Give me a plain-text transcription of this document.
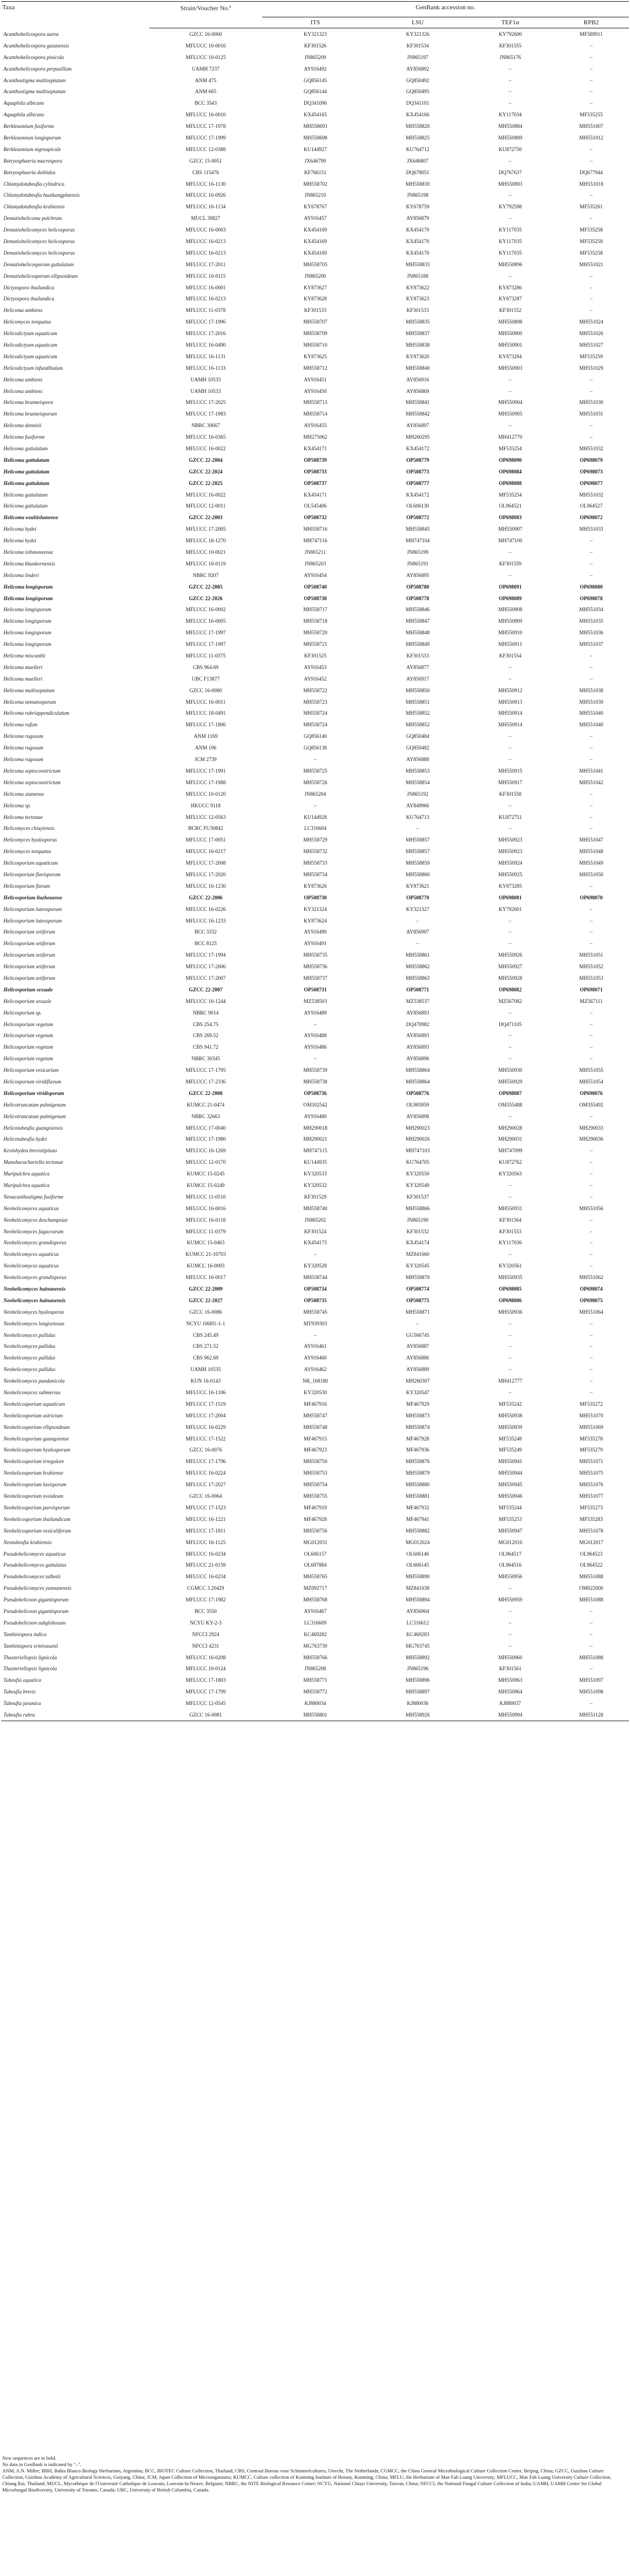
Taxa	Strain/Voucher No.$^a$	GenBank accession no.			
		ITS	LSU	TEF1α	RPB2
Acanthohelicospora aurea	GZCC 16-0060	KY321323	KY321326	KY792600	MF589911
Acanthohelicospora guianensis	MFLUCC 10-0016	KF301526	KF301534	KF301555	–
Acanthohelicospora pinicola	MFLUCC 10-0125	JN865209	JN865197	JN865176	–
Acanthohelicospora perpusillum	UAMH 7237	AY916492	AY856892	–	–
Acanthostigma multiseptatum	ANM 475	GQ856145	GQ850492	–	–
Acanthostigma multiseptatum	ANM 665	GQ856144	GQ850495	–	–
Aquaphila albicans	BCC 3543	DQ341096	DQ341101	–	–
Aquaphila albicans	MFLUCC 16-0010	KX454165	KX454166	KY117034	MF535255
Berkleasmium fusiforme	MFLUCC 17-1978	MH558693	MH558820	MH550884	MH551007
Berkleasmium longisporum	MFLUCC 17-1999	MH558698	MH558825	MH550889	MH551012
Berkleasmium nigroapicale	MFLUCC 12-0388	KU144927	KU764712	KU872750	–
Botryosphaeria macrospora	GZCC 15-0051	JX646799	JX646807	–	–
Botryosphaeria dothidea	CBS 115476	KF766151	DQ678051	DQ767637	DQ677944
Chlamydotubeufia cylindrica	MFLUCC 16-1130	MH558702	MH558830	MH550893	MH551018
Chlamydotubeufia huaikangplaensis	MFLUCC 10-0926	JN865210	JN865198	–	–
Chlamydotubeufia krabiensis	MFLUCC 16-1134	KY678767	KY678759	KY792598	MF535261
Dematiohelicoma pulchrum	MUCL 39827	AY916457	AY856879	–	–
Dematiohelicomyces helicosporus	MFLUCC 16-0003	KX454169	KX454170	KY117035	MF535258
Dematiohelicomyces helicosporus	MFLUCC 16-0213	KX454169	KX454170	KY117035	MF535258
Dematiohelicomyces helicosporus	MFLUCC 16-0213	KX454169	KX454170	KY117035	MF535258
Dematiohelicosporum guttulatum	MFLUCC 17-2011	MH558705	MH558833	MH550896	MH551021
Dematiohelicosporum ellipsoideum	MFLUCC 10-0115	JN865200	JN865188	–	–
Dictyospora thailandica	MFLUCC 16-0001	KY873627	KY873622	KY873286	–
Dictyospora thailandica	MFLUCC 16-0213	KY873628	KY873623	KY873287	–
Helicoma ambiens	MFLUCC 11-0378	KF301533	KF301533	KF301552	–
Helicomyces torquatus	MFLUCC 17-1996	MH558707	MH558835	MH550898	MH551024
Helicodictyum aquaticum	MFLUCC 17-2016	MH558709	MH558837	MH550900	MH551026
Helicodictyum aquaticum	MFLUCC 16-0490	MH558710	MH558838	MH550901	MH551027
Helicodictyum aquaticum	MFLUCC 16-1131	KY873625	KY873620	KY873284	MF535259
Helicodictyum infundibulum	MFLUCC 16-1133	MH558712	MH558840	MH550903	MH551029
Helicoma ambiens	UAMH 10533	AY916451	AY856916	–	–
Helicoma ambiens	UAMH 10533	AY916450	AY856869	–	–
Helicoma brunneispora	MFLUCC 17-2025	MH558713	MH558841	MH550904	MH551030
Helicoma brunneisporum	MFLUCC 17-1983	MH558714	MH558842	MH550905	MH551031
Helicoma dennisii	NBRC 30667	AY916455	AY856897	–	–
Helicoma fusiforme	MFLUCC 16-0365	MH275062	MH260295	MH412770	–
Helicoma guttulatum	MFLUCC 16-0022	KX454171	KX454172	MF535254	MH551032
Helicoma guttulatum	GZCC 22-2004	OP508739	OP508779	OP698090	OP698079
Helicoma guttulatum	GZCC 22-2024	OP508733	OP508773	OP698084	OP698073
Helicoma guttulatum	GZCC 22-2025	OP508737	OP508777	OP698088	OP698077
Helicoma guttulatum	MFLUCC 16-0022	KX454171	KX454172	MF535254	MH551032
Helicoma guttulatum	MFLUCC 12-0011	OL545406	OL606130	OL964521	OL964527
Helicoma wuzhishanense	GZCC 22-2003	OP508732	OP508772	OP698083	OP698072
Helicoma hydei	MFLUCC 17-2005	MH558716	MH558845	MH550907	MH551033
Helicoma hydei	MFLUCC 18-1270	MH747116	MH747104	MH747100	–
Helicoma isthmoneense	MFLUCC 10-0021	JN865211	JN865199	–	–
Helicoma khunkornensis	MFLUCC 10-0119	JN865203	JN865191	KF301559	–
Helicoma linderi	NBRC 9207	AY916454	AY856895	–	–
Helicoma longisporum	GZCC 22-2005	OP508740	OP508780	OP698091	OP698080
Helicoma longisporum	GZCC 22-2026	OP508738	OP508778	OP698089	OP698078
Helicoma longisporum	MFLUCC 16-0002	MH558717	MH558846	MH550908	MH551034
Helicoma longisporum	MFLUCC 16-0005	MH558718	MH558847	MH550909	MH551035
Helicoma longisporum	MFLUCC 17-1997	MH558720	MH558848	MH550910	MH551036
Helicoma longisporum	MFLUCC 17-1997	MH558721	MH558849	MH550911	MH551037
Helicoma miscanthi	MFLUCC 11-0375	KF301525	KF301533	KF301554	–
Helicoma muelleri	CBS 964.69	AY916453	AY856877	–	–
Helicoma muelleri	UBC F13877	AY916452	AY856917	–	–
Helicoma multiseptatum	GZCC 16-0080	MH558722	MH558850	MH550912	MH551038
Helicoma nematosporum	MFLUCC 16-0011	MH558723	MH558851	MH550913	MH551039
Helicoma rubriappendiculatum	MFLUCC 18-0491	MH558724	MH558852	MH550914	MH551040
Helicoma rufum	MFLUCC 17-1806	MH558724	MH558852	MH550914	MH551040
Helicoma rugosum	ANM 1169	GQ856140	GQ850484	–	–
Helicoma rugosum	ANM 196	GQ856138	GQ850482	–	–
Helicoma rugosum	JCM 2739	–	AY856888	–	–
Helicoma septoconstrictum	MFLUCC 17-1991	MH558725	MH558853	MH550915	MH551041
Helicoma septoconstrictum	MFLUCC 17-1988	MH558726	MH558854	MH550917	MH551042
Helicoma siamense	MFLUCC 10-0120	JN865204	JN865192	KF301558	–
Helicoma sp.	HKUCC 9118	–	AY849966	–	–
Helicoma tectonae	MFLUCC 12-0563	KU144928	KU764713	KU872751	–
Helicomyces chiayiensis	BCRC FU30842	LC316604	–	–	–
Helicomyces hyalosporus	MFLUCC 17-0051	MH558729	MH558857	MH550923	MH551047
Helicomyces torquatus	MFLUCC 16-0217	MH558732	MH558857	MH550923	MH551048
Helicosporium aquaticum	MFLUCC 17-2008	MH558733	MH558859	MH550924	MH551049
Helicosporium flavisporum	MFLUCC 17-2020	MH558734	MH558860	MH550925	MH551050
Helicosporium flavum	MFLUCC 16-1230	KY873626	KY873621	KY873285	–
Helicosporium liuzhouense	GZCC 22-2006	OP508730	OP508770	OP698081	OP698070
Helicosporium luteosporum	MFLUCC 16-0226	KY321324	KY321327	KY792601	–
Helicosporium luteosporum	MFLUCC 16-1233	KY873624	–	–	–
Helicosporium setiferum	BCC 3332	AY916490	AY856907	–	–
Helicosporium setiferum	BCC 8125	AY916491	–	–	–
Helicosporium setiferum	MFLUCC 17-1994	MH558735	MH558861	MH550926	MH551051
Helicosporium setiferum	MFLUCC 17-2006	MH558736	MH558862	MH550927	MH551052
Helicosporium setiferum	MFLUCC 17-2007	MH558737	MH558863	MH550928	MH551053
Helicosporium sexuale	GZCC 22-2007	OP508731	OP508771	OP698082	OP698071
Helicosporium sexuale	MFLUCC 16-1244	MZ538503	MZ538537	MZ567082	MZ567111
Helicosporium sp.	NBRC 9014	AY916489	AY856893	–	–
Helicosporium vegetum	CBS 254.75	–	DQ470982	DQ471105	–
Helicosporium vegetum	CBS 269.52	AY916488	AY856893	–	–
Helicosporium vegetum	CBS 941.72	AY916486	AY856893	–	–
Helicosporium vegetum	NBRC 30345	–	AY856896	–	–
Helicosporium vesicarium	MFLUCC 17-1795	MH558739	MH558864	MH550930	MH551055
Helicosporium viridiflavum	MFLUCC 17-2336	MH558738	MH558864	MH550929	MH551054
Helicosporium viridisporum	GZCC 22-2008	OP508736	OP508776	OP698087	OP698076
Helicotruncatum palmigenum	KUMCC 21-0474	OM102542	OL985959	OM355488	OM355492
Helicotruncatum palmigenum	NBRC 32663	AY916480	AY856898	–	–
Helicotubeufia guangxiensis	MFLUCC 17-0040	MH290018	MH290023	MH290028	MH290033
Helicotubeufia hydei	MFLUCC 17-1980	MH290021	MH290026	MH290031	MH290036
Kevinhydea brevistipitata	MFLUCC 16-1269	MH747115	MH747103	MH747099	–
Manoharachariella tectonae	MFLUCC 12-0170	KU144935	KU764705	KU872762	–
Muripulchra aquatica	KUMCC 15-0245	KY320533	KY320550	KY320563	–
Muripulchra aquatica	KUMCC 15-0249	KY320532	KY320549	–	–
Neoacanthostigma fusiforme	MFLUCC 11-0510	KF301529	KF301537	–	–
Neohelicomyces aquaticus	MFLUCC 16-0016	MH558740	MH558866	MH550931	MH551056
Neohelicomyces deschampsiae	MFLUCC 16-0118	JN865202	JN865190	KF301564	–
Neohelicomyces fagacearum	MFLUCC 11-0379	KF301524	KF301532	KF301553	–
Neohelicomyces grandisporus	KUMCC 15-0463	KX454173	KX454174	KY117036	–
Neohelicomyces aquaticus	KUMCC 21-10703	–	MZ841660	–	–
Neohelicomyces aquaticus	KUMCC 16-0093	KY320528	KY320545	KY320561	–
Neohelicomyces grandisporus	MFLUCC 16-0017	MH558744	MH558870	MH550935	MH551062
Neohelicomyces hainanensis	GZCC 22-2009	OP508734	OP508774	OP698085	OP698074
Neohelicomyces hainanensis	GZCC 22-2027	OP508735	OP508775	OP698086	OP698075
Neohelicomyces hyalosporus	GZCC 16-0086	MH558745	MH558871	MH550936	MH551064
Neohelicomyces longisetosus	NCYU 106H1-1-1	MT939303	–	–	–
Neohelicomyces pallidus	CBS 245.49	–	GU566745	–	–
Neohelicomyces pallidus	CBS 271.52	AY916461	AY856887	–	–
Neohelicomyces pallidus	CBS 962.69	AY916460	AY856886	–	–
Neohelicomyces pallidus	UAMH 10535	AY916462	AY856889	–	–
Neohelicomyces pandanicola	KUN 16-0143	NR_168180	MH260307	MH412777	–
Neohelicomyces submersus	MFLUCC 16-1106	KY320530	KY320547	–	–
Neohelicosporium aquaticum	MFLUCC 17-1519	MF467916	MF467929	MF535242	MF535272
Neohelicosporium astrictum	MFLUCC 17-2004	MH558747	MH558873	MH550938	MH551070
Neohelicosporium ellipsoideum	MFLUCC 16-0229	MH558748	MH558874	MH550939	MH551069
Neohelicosporium guangxiense	MFLUCC 17-1522	MF467915	MF467928	MF535248	MF535278
Neohelicosporium hyalosporum	GZCC 16-0076	MF467923	MF467936	MF535249	MF535279
Neohelicosporium irregulare	MFLUCC 17-1796	MH558750	MH558876	MH550941	MH551071
Neohelicosporium krabiense	MFLUCC 16-0224	MH558753	MH558879	MH550944	MH551075
Neohelicosporium laxisporum	MFLUCC 17-2027	MH558754	MH558880	MH550945	MH551076
Neohelicosporium ovoideum	GZCC 16-0064	MH558755	MH558881	MH550946	MH551077
Neohelicosporium parvisporum	MFLUCC 17-1523	MF467919	MF467932	MF535244	MF535273
Neohelicosporium thailandicum	MFLUCC 16-1221	MF467928	MF467941	MF535253	MF535283
Neohelicosporium vesiculiferum	MFLUCC 17-1811	MH558756	MH558882	MH550947	MH551078
Neotubeufia krabiensis	MFLUCC 16-1125	MG012031	MG012024	MG012010	MG012017
Pseudohelicomyces aquaticus	MFLUCC 16-0234	OL606157	OL606146	OL964517	OL964523
Pseudohelicomyces guttulatus	MFLUCC 21-0159	OL697884	OL606145	OL964516	OL964522
Pseudohelicomyces talbotii	MFLUCC 16-0234	MH558765	MH558890	MH550956	MH551088
Pseudohelicomyces yunnanensis	CGMCC 3.20429	MZ092717	MZ841638	–	OM022000
Pseudohelicoon gigantisporum	MFLUCC 17-1982	MH558768	MH558894	MH550959	MH551088
Pseudohelicoon gigantisporum	BCC 3550	AY916467	AY856904	–	–
Pseudohelicoon subglobosum	NCYU KY-2-3	LC316609	LC316612	–	–
Tamhinispora indica	NFCCI 2924	KC469282	KC469283	–	–
Tamhinispora srinivasanii	NFCCI 4231	MG763730	MG763745	–	–
Thaxteriellopsis lignicola	MFLUCC 16-0208	MH558766	MH558892	MH550960	MH551088
Thaxteriellopsis lignicola	MFLUCC 10-0124	JN865208	JN865196	KF301561	–
Tubeufia aquatica	MFLUCC 17-1803	MH558771	MH558896	MH550963	MH551097
Tubeufia brevis	MFLUCC 17-1799	MH558772	MH558897	MH550964	MH551098
Tubeufia javanica	MFLUCC 12-0545	KJ880034	KJ880036	KJ880037	–
Tubeufia rubra	GZCC 16-0081	MH558801	MH558926	MH550994	MH551128

New sequences are in bold.

No data in GenBank is indicated by "–".

ANM, A.N. Miller; BBH, Bahia Blanco Biology Herbarium, Argentina; BCC, BIOTEC Culture Collection, Thailand; CBS, Centraal Bureau voor Schimmelcultures, Utrecht, The Netherlands; CGMCC, the China General Microbiological Culture Collection Center, Beijing, China; GZCC, Guizhou Culture Collection, Guizhou Academy of Agricultural Sciences, Guiyang, China; JCM, Japan Collection of Microorganisms; KUMCC, Culture collection of Kunming Institute of Botany, Kunming, China; MFLU, the Herbarium of Mae Fah Luang University; MFLUCC, Mae Fah Luang University Culture Collection, Chiang Rai, Thailand; MUCL, Mycothèque de l'Université Catholique de Louvain, Louvain-la-Neuve, Belgium; NBRC, the NITE Biological Resource Center; NCYU, National Chiayi University, Taiwan, China; NFCCI, the National Fungal Culture Collection of India; UAMH, UAMH Centre for Global Microfungal Biodiversity, University of Toronto, Canada; UBC, University of British Columbia, Canada.
